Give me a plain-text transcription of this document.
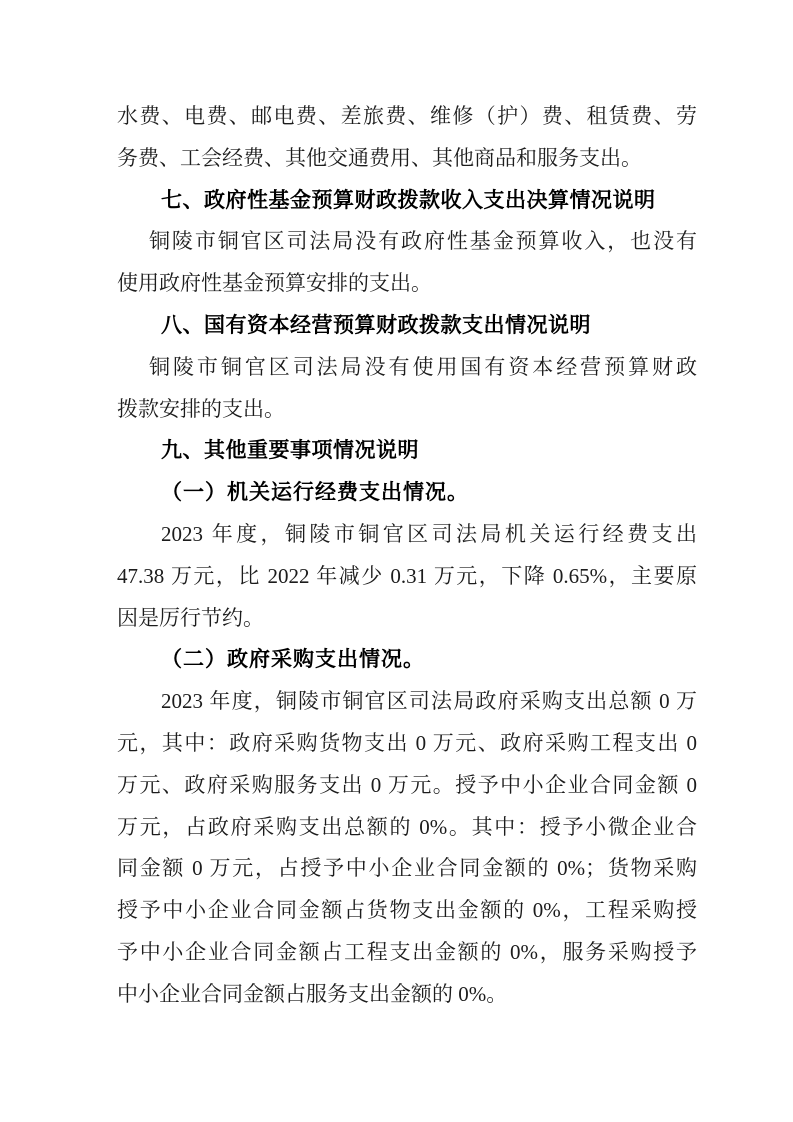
水费、电费、邮电费、差旅费、维修（护）费、租赁费、劳
务费、工会经费、其他交通费用、其他商品和服务支出。
七、政府性基金预算财政拨款收入支出决算情况说明
铜陵市铜官区司法局没有政府性基金预算收入，也没有
使用政府性基金预算安排的支出。
八、国有资本经营预算财政拨款支出情况说明
铜陵市铜官区司法局没有使用国有资本经营预算财政
拨款安排的支出。
九、其他重要事项情况说明
（一）机关运行经费支出情况。
2023 年度，铜陵市铜官区司法局机关运行经费支出
47.38 万元，比 2022 年减少 0.31 万元，下降 0.65%，主要原
因是厉行节约。
（二）政府采购支出情况。
2023 年度，铜陵市铜官区司法局政府采购支出总额 0 万
元，其中：政府采购货物支出 0 万元、政府采购工程支出 0
万元、政府采购服务支出 0 万元。授予中小企业合同金额 0
万元，占政府采购支出总额的 0%。其中：授予小微企业合
同金额 0 万元，占授予中小企业合同金额的 0%；货物采购
授予中小企业合同金额占货物支出金额的 0%，工程采购授
予中小企业合同金额占工程支出金额的 0%，服务采购授予
中小企业合同金额占服务支出金额的 0%。
